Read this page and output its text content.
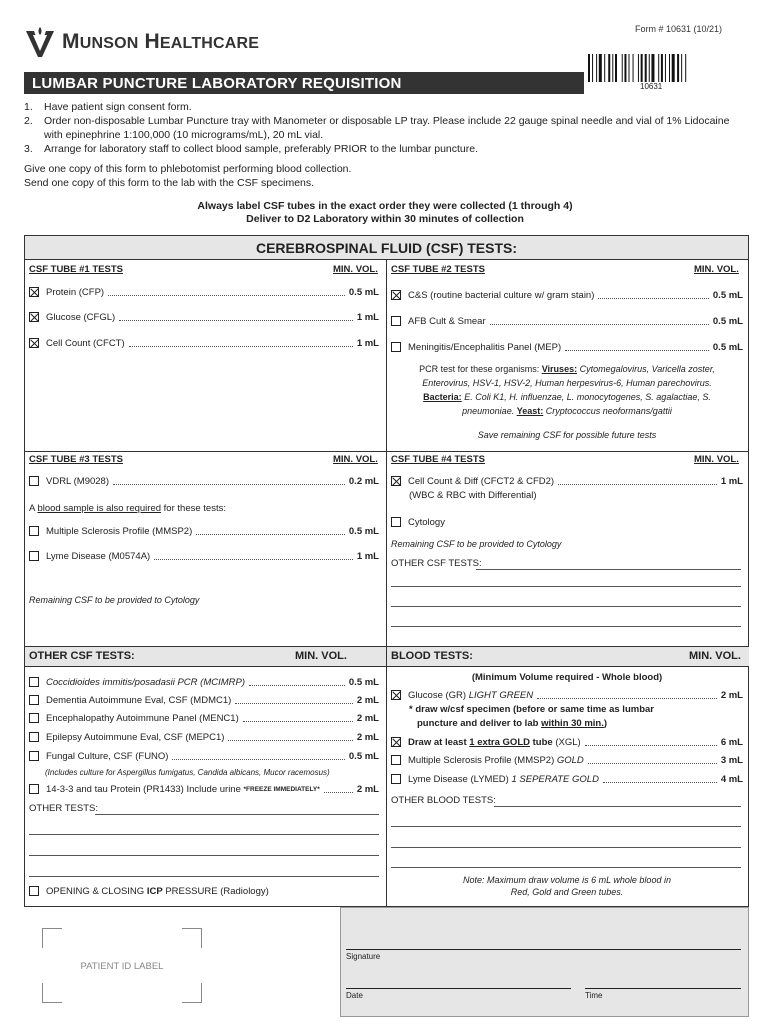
Form # 10631 (10/21)
MUNSON HEALTHCARE
10631
LUMBAR PUNCTURE LABORATORY REQUISITION
1. Have patient sign consent form.
2. Order non-disposable Lumbar Puncture tray with Manometer or disposable LP tray. Please include 22 gauge spinal needle and vial of 1% Lidocaine with epinephrine 1:100,000 (10 micrograms/mL), 20 mL vial.
3. Arrange for laboratory staff to collect blood sample, preferably PRIOR to the lumbar puncture.
Give one copy of this form to phlebotomist performing blood collection.
Send one copy of this form to the lab with the CSF specimens.
Always label CSF tubes in the exact order they were collected (1 through 4)
Deliver to D2 Laboratory within 30 minutes of collection
CEREBROSPINAL FLUID (CSF) TESTS:
CSF TUBE #1 TESTS	MIN. VOL.
Protein (CFP)	0.5 mL
Glucose (CFGL)	1 mL
Cell Count (CFCT)	1 mL
CSF TUBE #2 TESTS	MIN. VOL.
C&S (routine bacterial culture w/ gram stain)	0.5 mL
AFB Cult & Smear	0.5 mL
Meningitis/Encephalitis Panel (MEP)	0.5 mL
PCR test for these organisms: Viruses: Cytomegalovirus, Varicella zoster, Enterovirus, HSV-1, HSV-2, Human herpesvirus-6, Human parechovirus. Bacteria: E. Coli K1, H. influenzae, L. monocytogenes, S. agalactiae, S. pneumoniae. Yeast: Cryptococcus neoformans/gattii
Save remaining CSF for possible future tests
CSF TUBE #3 TESTS	MIN. VOL.
VDRL (M9028)	0.2 mL
A blood sample is also required for these tests:
Multiple Sclerosis Profile (MMSP2)	0.5 mL
Lyme Disease (M0574A)	1 mL
Remaining CSF to be provided to Cytology
CSF TUBE #4 TESTS	MIN. VOL.
Cell Count & Diff (CFCT2 & CFD2)	1 mL
(WBC & RBC with Differential)
Cytology
Remaining CSF to be provided to Cytology
OTHER CSF TESTS:
OTHER CSF TESTS:	MIN. VOL.
Coccidioides immitis/posadasii PCR (MCIMRP)	0.5 mL
Dementia Autoimmune Eval, CSF (MDMC1)	2 mL
Encephalopathy Autoimmune Panel (MENC1)	2 mL
Epilepsy Autoimmune Eval, CSF (MEPC1)	2 mL
Fungal Culture, CSF (FUNO)	0.5 mL
(Includes culture for Aspergillus fumigatus, Candida albicans, Mucor racemosus)
14-3-3 and tau Protein (PR1433) Include urine
*FREEZE IMMEDIATELY*	2 mL
OTHER TESTS:
OPENING & CLOSING ICP PRESSURE (Radiology)
BLOOD TESTS:	MIN. VOL.
(Minimum Volume required - Whole blood)
Glucose (GR) LIGHT GREEN	2 mL
* draw w/csf specimen (before or same time as lumbar
puncture and deliver to lab within 30 min.)
Draw at least 1 extra GOLD tube (XGL)	6 mL
Multiple Sclerosis Profile (MMSP2) GOLD	3 mL
Lyme Disease (LYMED) 1 SEPERATE GOLD	4 mL
OTHER BLOOD TESTS:
Note: Maximum draw volume is 6 mL whole blood in
Red, Gold and Green tubes.
PATIENT ID LABEL
Signature
Date	Time
